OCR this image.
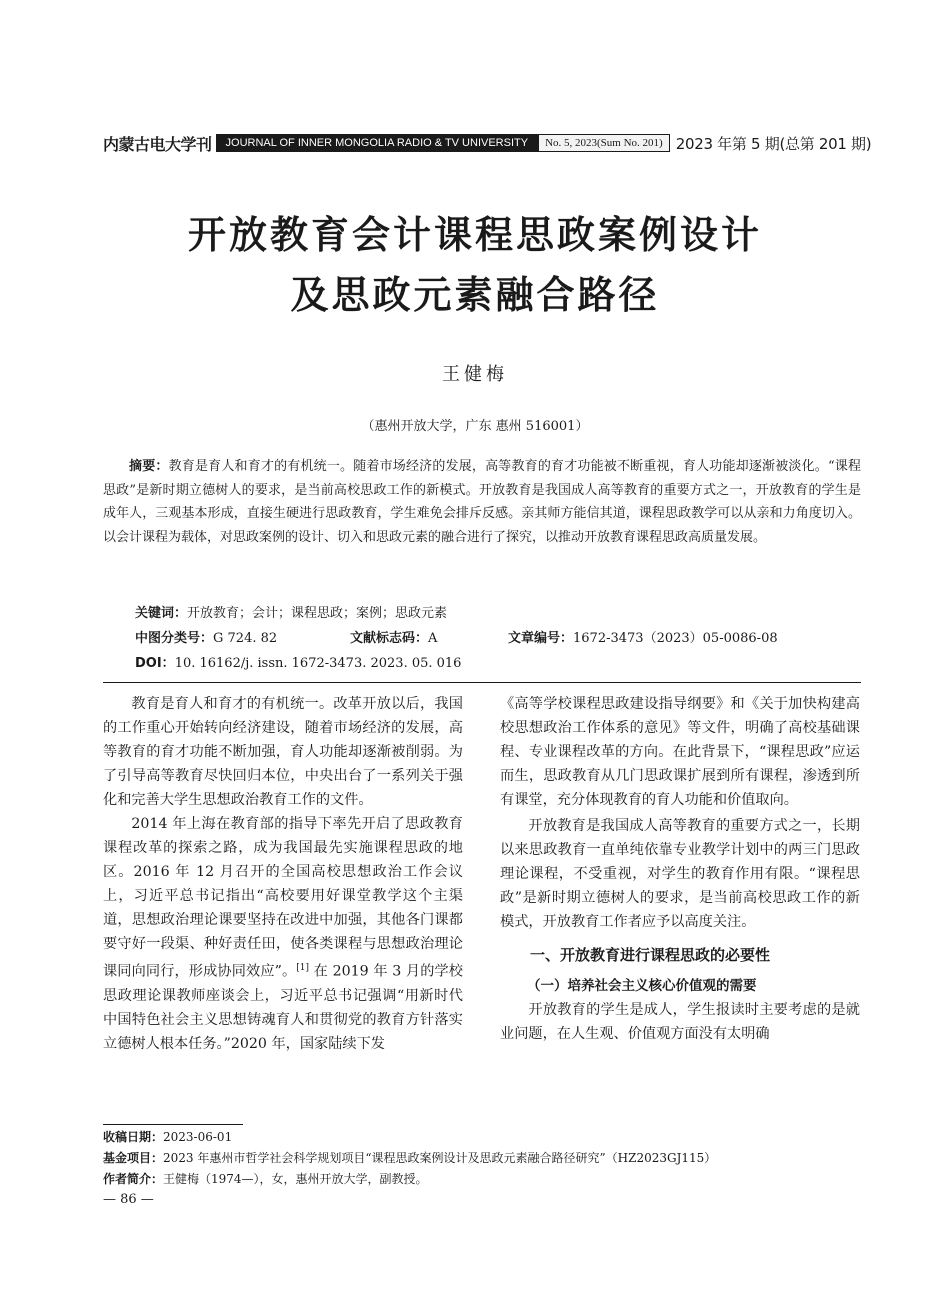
内蒙古电大学刊	JOURNAL OF INNER MONGOLIA RADIO & TV UNIVERSITY	No. 5, 2023(Sum No. 201) 2023 年第 5 期(总第 201 期)
开放教育会计课程思政案例设计
及思政元素融合路径
王健梅
（惠州开放大学，广东 惠州 516001）

摘要：教育是育人和育才的有机统一。随着市场经济的发展，高等教育的育才功能被不断重视，育人功能却逐渐被淡化。“课程思政”是新时期立德树人的要求，是当前高校思政工作的新模式。开放教育是我国成人高等教育的重要方式之一，开放教育的学生是成年人，三观基本形成，直接生硬进行思政教育，学生难免会排斥反感。亲其师方能信其道，课程思政教学可以从亲和力角度切入。以会计课程为载体，对思政案例的设计、切入和思政元素的融合进行了探究，以推动开放教育课程思政高质量发展。

关键词：开放教育；会计；课程思政；案例；思政元素
中图分类号：G 724. 82	文献标志码：A	文章编号：1672-3473（2023）05-0086-08
DOI：10. 16162/j. issn. 1672-3473. 2023. 05. 016

教育是育人和育才的有机统一。改革开放以后，我国的工作重心开始转向经济建设，随着市场经济的发展，高等教育的育才功能不断加强，育人功能却逐渐被削弱。为了引导高等教育尽快回归本位，中央出台了一系列关于强化和完善大学生思想政治教育工作的文件。

2014 年上海在教育部的指导下率先开启了思政教育课程改革的探索之路，成为我国最先实施课程思政的地区。2016 年 12 月召开的全国高校思想政治工作会议上，习近平总书记指出“高校要用好课堂教学这个主渠道，思想政治理论课要坚持在改进中加强，其他各门课都要守好一段渠、种好责任田，使各类课程与思想政治理论课同向同行，形成协同效应”。[1] 在 2019 年 3 月的学校思政理论课教师座谈会上，习近平总书记强调“用新时代中国特色社会主义思想铸魂育人和贯彻党的教育方针落实立德树人根本任务。”2020 年，国家陆续下发

《高等学校课程思政建设指导纲要》和《关于加快构建高校思想政治工作体系的意见》等文件，明确了高校基础课程、专业课程改革的方向。在此背景下，“课程思政”应运而生，思政教育从几门思政课扩展到所有课程，渗透到所有课堂，充分体现教育的育人功能和价值取向。

开放教育是我国成人高等教育的重要方式之一，长期以来思政教育一直单纯依靠专业教学计划中的两三门思政理论课程，不受重视，对学生的教育作用有限。“课程思政”是新时期立德树人的要求，是当前高校思政工作的新模式，开放教育工作者应予以高度关注。

一、开放教育进行课程思政的必要性
（一）培养社会主义核心价值观的需要

开放教育的学生是成人，学生报读时主要考虑的是就业问题，在人生观、价值观方面没有太明确

收稿日期：2023-06-01
基金项目：2023 年惠州市哲学社会科学规划项目“课程思政案例设计及思政元素融合路径研究”（HZ2023GJ115）
作者简介：王健梅（1974—），女，惠州开放大学，副教授。
— 86 —
